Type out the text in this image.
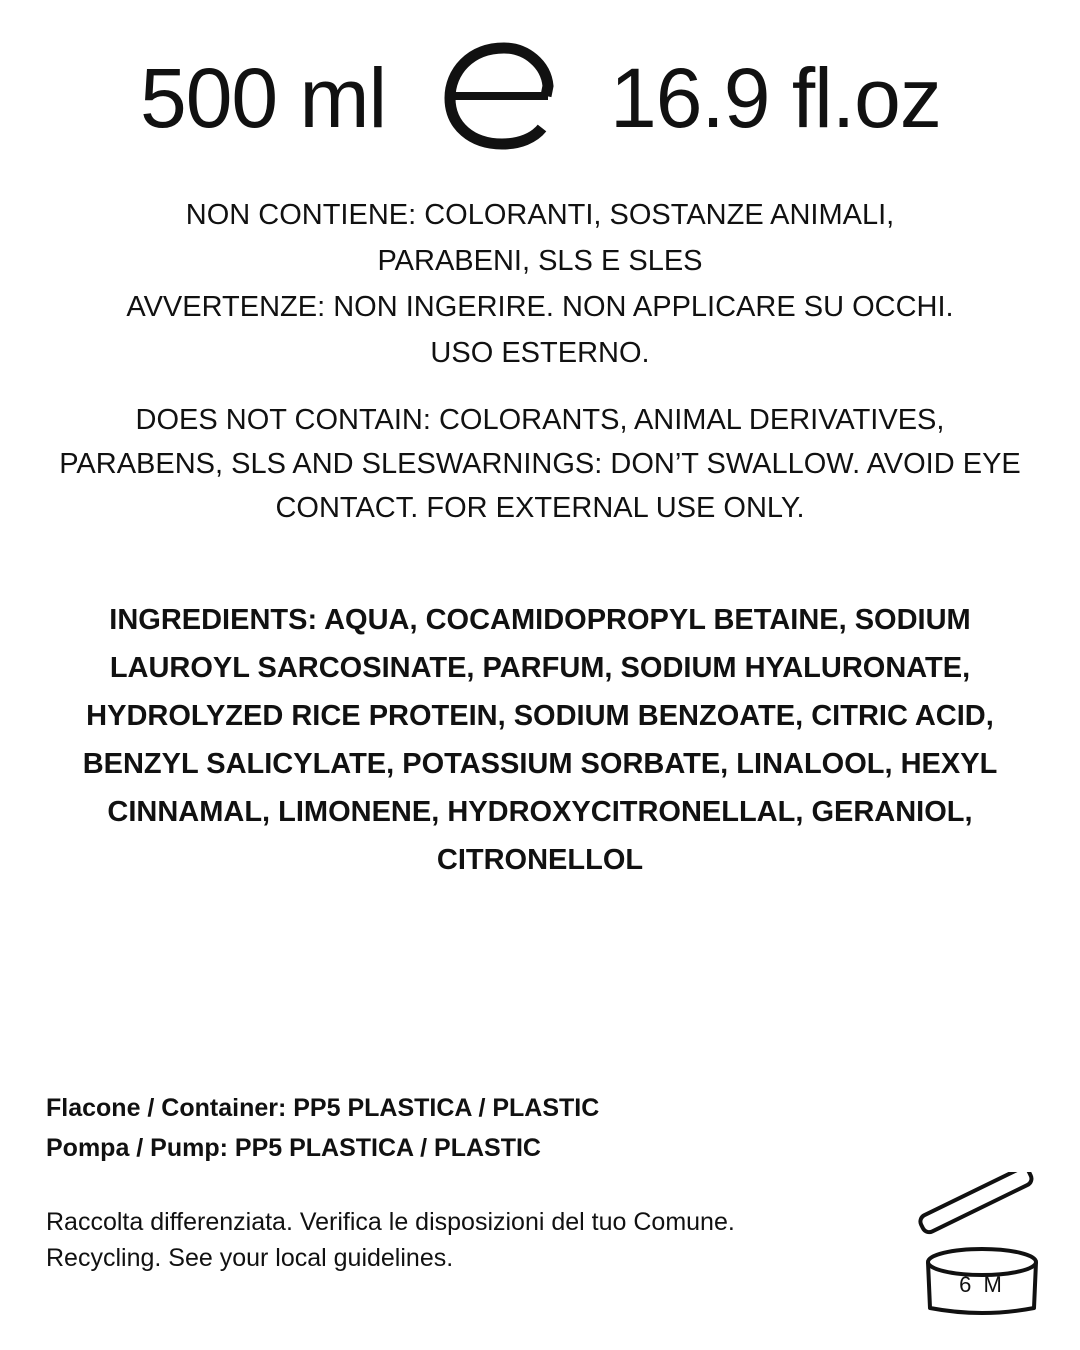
500 ml	16.9 fl.oz
NON CONTIENE: COLORANTI, SOSTANZE ANIMALI,
PARABENI, SLS E SLES
AVVERTENZE: NON INGERIRE. NON APPLICARE SU OCCHI.
USO ESTERNO.
DOES NOT CONTAIN: COLORANTS, ANIMAL DERIVATIVES,
PARABENS, SLS AND SLESWARNINGS: DON’T SWALLOW. AVOID EYE
CONTACT. FOR EXTERNAL USE ONLY.
INGREDIENTS: AQUA, COCAMIDOPROPYL BETAINE, SODIUM
LAUROYL SARCOSINATE, PARFUM, SODIUM HYALURONATE,
HYDROLYZED RICE PROTEIN, SODIUM BENZOATE, CITRIC ACID,
BENZYL SALICYLATE, POTASSIUM SORBATE, LINALOOL, HEXYL
CINNAMAL, LIMONENE, HYDROXYCITRONELLAL, GERANIOL,
CITRONELLOL
Flacone / Container: PP5 PLASTICA / PLASTIC
Pompa / Pump: PP5 PLASTICA / PLASTIC
Raccolta differenziata. Verifica le disposizioni del tuo Comune.
Recycling. See your local guidelines.
6 M
